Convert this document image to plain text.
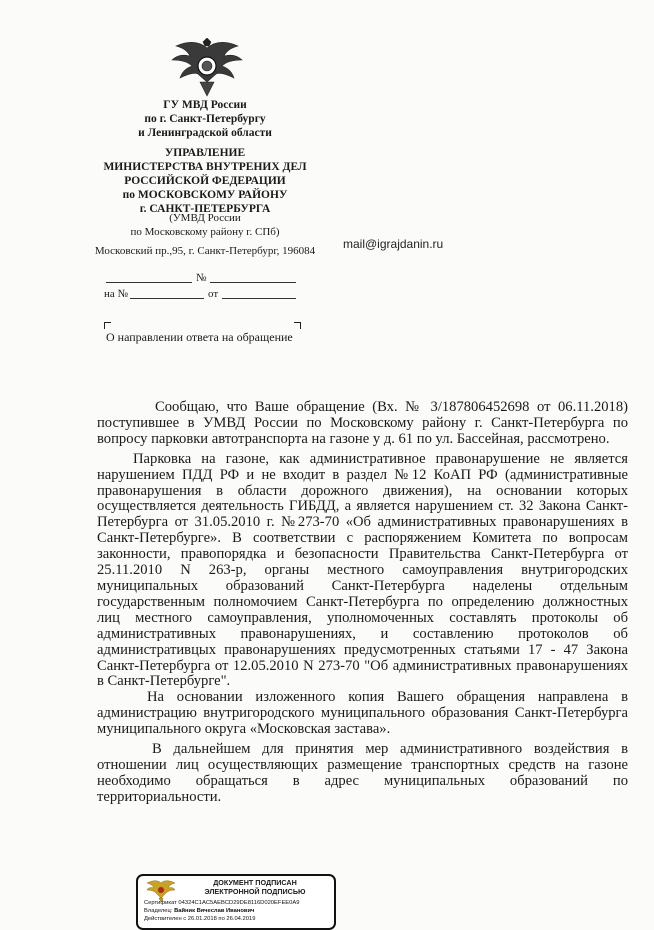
ГУ МВД России
по г. Санкт-Петербургу
и Ленинградской области
УПРАВЛЕНИЕ
МИНИСТЕРСТВА ВНУТРЕНИХ ДЕЛ
РОССИЙСКОЙ ФЕДЕРАЦИИ
по МОСКОВСКОМУ РАЙОНУ
г. САНКТ-ПЕТЕРБУРГА
(УМВД России
по Московскому району г. СПб)
Московский пр.,95, г. Санкт-Петербург, 196084	mail@igrajdanin.ru
№
на №	от
О направлении ответа на обращение

Сообщаю, что Ваше обращение (Вх. № 3/187806452698 от 06.11.2018) поступившее в УМВД России по Московскому району г. Санкт-Петербурга по вопросу парковки автотранспорта на газоне у д. 61 по ул. Бассейная, рассмотрено.

Парковка на газоне, как административное правонарушение не является нарушением ПДД РФ и не входит в раздел №12 КоАП РФ (административные правонарушения в области дорожного движения), на основании которых осуществляется деятельность ГИБДД, а является нарушением ст. 32 Закона Санкт-Петербурга от 31.05.2010 г. №273-70 «Об административных правонарушениях в Санкт-Петербурге». В соответствии с распоряжением Комитета по вопросам законности, правопорядка и безопасности Правительства Санкт-Петербурга от 25.11.2010 N 263-р, органы местного самоуправления внутригородских муниципальных образований Санкт-Петербурга наделены отдельным государственным полномочием Санкт-Петербурга по определению должностных лиц местного самоуправления, уполномоченных составлять протоколы об административных правонарушениях, и составлению протоколов об административцых правонарушениях предусмотренных статьями 17 - 47 Закона Санкт-Петербурга от 12.05.2010 N 273-70 "Об административных правонарушениях в Санкт-Петербурге".

На основании изложенного копия Вашего обращения направлена в администрацию внутригородского муниципального образования Санкт-Петербурга муниципального округа «Московская застава».

В дальнейшем для принятия мер административного воздействия в отношении лиц осуществляющих размещение транспортных средств на газоне необходимо обращаться в адрес муниципальных образований по территориальности.

ДОКУМЕНТ ПОДПИСАН
ЭЛЕКТРОННОЙ ПОДПИСЬЮ
Сертификат 04324C1AC5AEBCD29DE8116D020EFEE0A9
Владелец: Вайник Вячеслав Иванович
Действителен с 26.01.2018 по 26.04.2019
